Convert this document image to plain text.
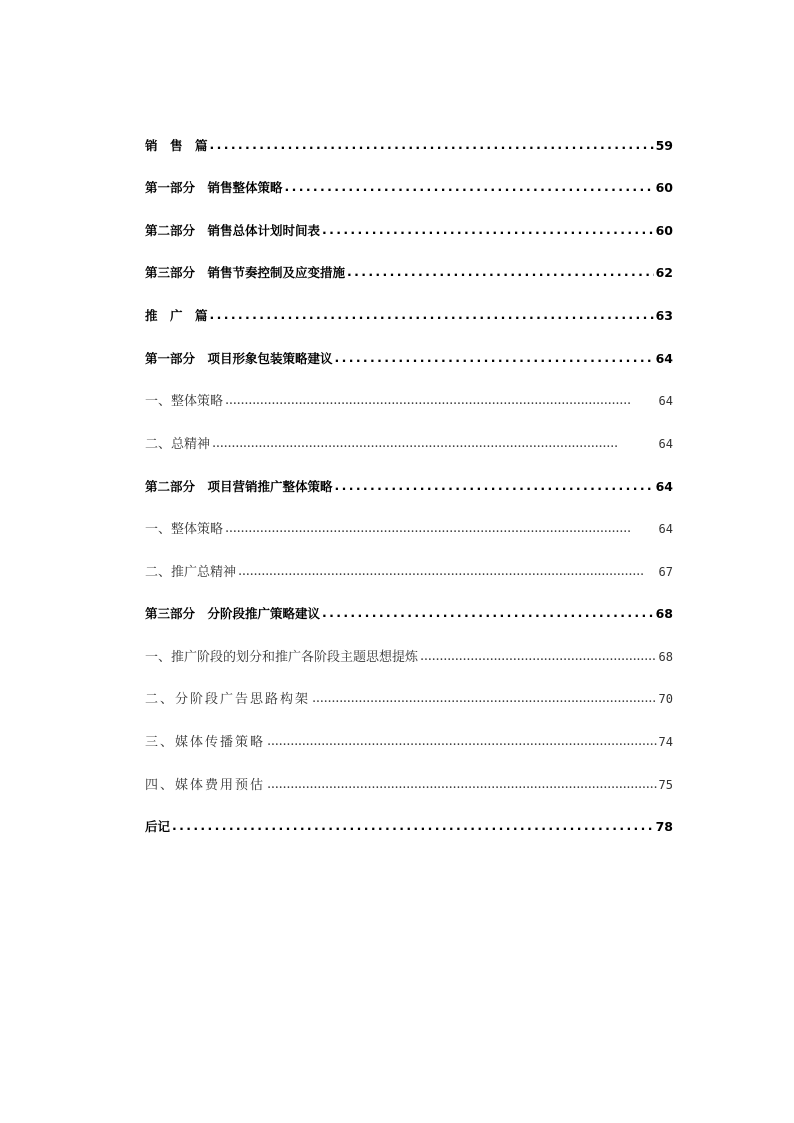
销　售　篇 . . .	59
第一部分　销售整体策略 . . .	60
第二部分　销售总体计划时间表 . . .	60
第三部分　销售节奏控制及应变措施 . . .	62
推　广　篇 . . .	63
第一部分　项目形象包装策略建议 . . .	64
一、整体策略 . . .	64
二、总精神 . . .	64
第二部分　项目营销推广整体策略 . . .	64
一、整体策略 . . .	64
二、推广总精神 . . .	67
第三部分　分阶段推广策略建议 . . .	68
一、推广阶段的划分和推广各阶段主题思想提炼 . . .	68
二、分阶段广告思路构架 . . .	70
三、媒体传播策略 . . .	74
四、媒体费用预估 . . .	75
后记 . . .	78
